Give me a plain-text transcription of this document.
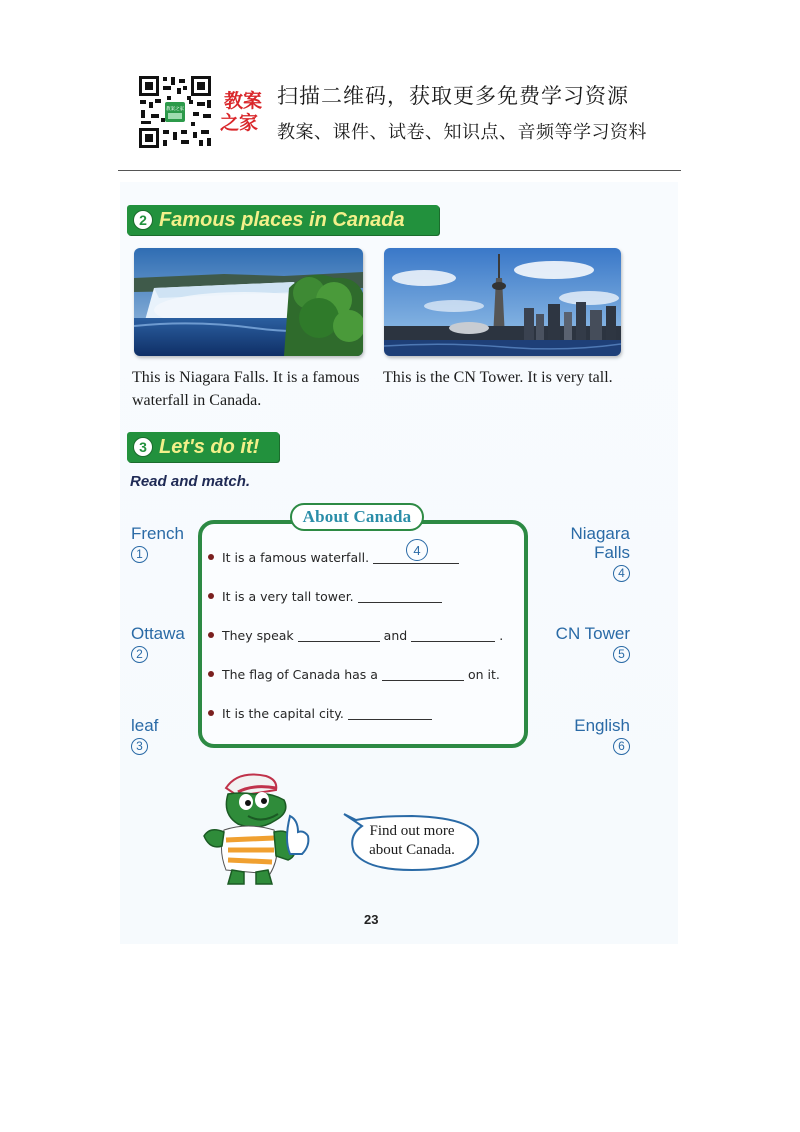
教案之家 教案
之家
扫描二维码，获取更多免费学习资源
教案、课件、试卷、知识点、音频等学习资料
2 Famous places in Canada
This is Niagara Falls. It is a famous waterfall in Canada.
This is the CN Tower. It is very tall.
3 Let's do it!
Read and match.
French
1
Ottawa
2
leaf
3
Niagara
Falls
4
CN Tower
5
English
6
About Canada
It is a famous waterfall.	4
It is a very tall tower.
They speak	and	.
The flag of Canada has a	on it.
It is the capital city.
Find out more
about Canada.
23
